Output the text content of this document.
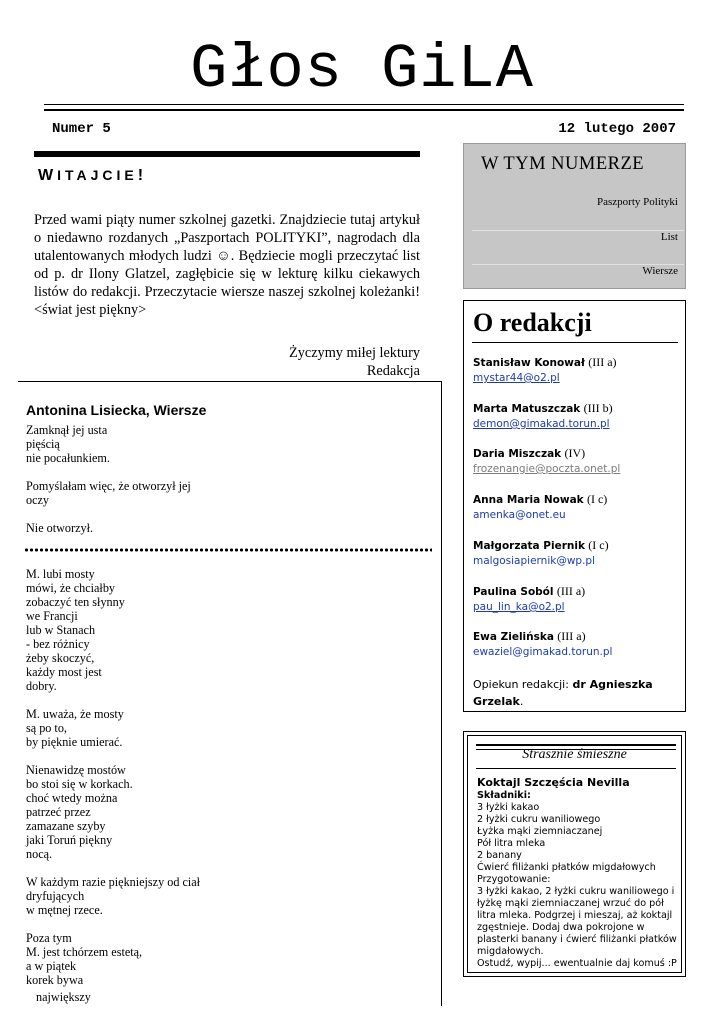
Głos GiLA
Numer 5	12 lutego 2007
WITAJCIE!
Przed wami piąty numer szkolnej gazetki. Znajdziecie tutaj artykuł o niedawno rozdanych „Paszportach POLITYKI”, nagrodach dla utalentowanych młodych ludzi ☺. Będziecie mogli przeczytać list od p. dr Ilony Glatzel, zagłębicie się w lekturę kilku ciekawych listów do redakcji. Przeczytacie wiersze naszej szkolnej koleżanki! <świat jest piękny>
Życzymy miłej lektury
Redakcja
Antonina Lisiecka, Wiersze
Zamknął jej usta
pięścią
nie pocałunkiem.

Pomyślałam więc, że otworzył jej
oczy

Nie otworzył.
M. lubi mosty
mówi, że chciałby
zobaczyć ten słynny
we Francji
lub w Stanach
- bez różnicy
żeby skoczyć,
każdy most jest
dobry.

M. uważa, że mosty
są po to,
by pięknie umierać.

Nienawidzę mostów
bo stoi się w korkach.
choć wtedy można
patrzeć przez
zamazane szyby
jaki Toruń piękny
nocą.

W każdym razie piękniejszy od ciał
dryfujących
w mętnej rzece.

Poza tym
M. jest tchórzem estetą,
a w piątek
korek bywa
największy
W TYM NUMERZE
Paszporty Polityki
List
Wiersze
O redakcji
Stanisław Konował (III a)
mystar44@o2.pl
Marta Matuszczak (III b)
demon@gimakad.torun.pl
Daria Miszczak (IV)
frozenangie@poczta.onet.pl
Anna Maria Nowak (I c)
amenka@onet.eu
Małgorzata Piernik (I c)
malgosiapiernik@wp.pl
Paulina Soból (III a)
pau_lin_ka@o2.pl
Ewa Zielińska (III a)
ewaziel@gimakad.torun.pl
Opiekun redakcji: dr Agnieszka Grzelak.
Strasznie śmieszne
Koktajl Szczęścia Nevilla
Składniki:
3 łyżki kakao
2 łyżki cukru waniliowego
Łyżka mąki ziemniaczanej
Pół litra mleka
2 banany
Ćwierć filiżanki płatków migdałowych
Przygotowanie:
3 łyżki kakao, 2 łyżki cukru waniliowego i łyżkę mąki ziemniaczanej wrzuć do pół litra mleka. Podgrzej i mieszaj, aż koktajl zgęstnieje. Dodaj dwa pokrojone w plasterki banany i ćwierć filiżanki płatków migdałowych.
Ostudź, wypij... ewentualnie daj komuś :P
